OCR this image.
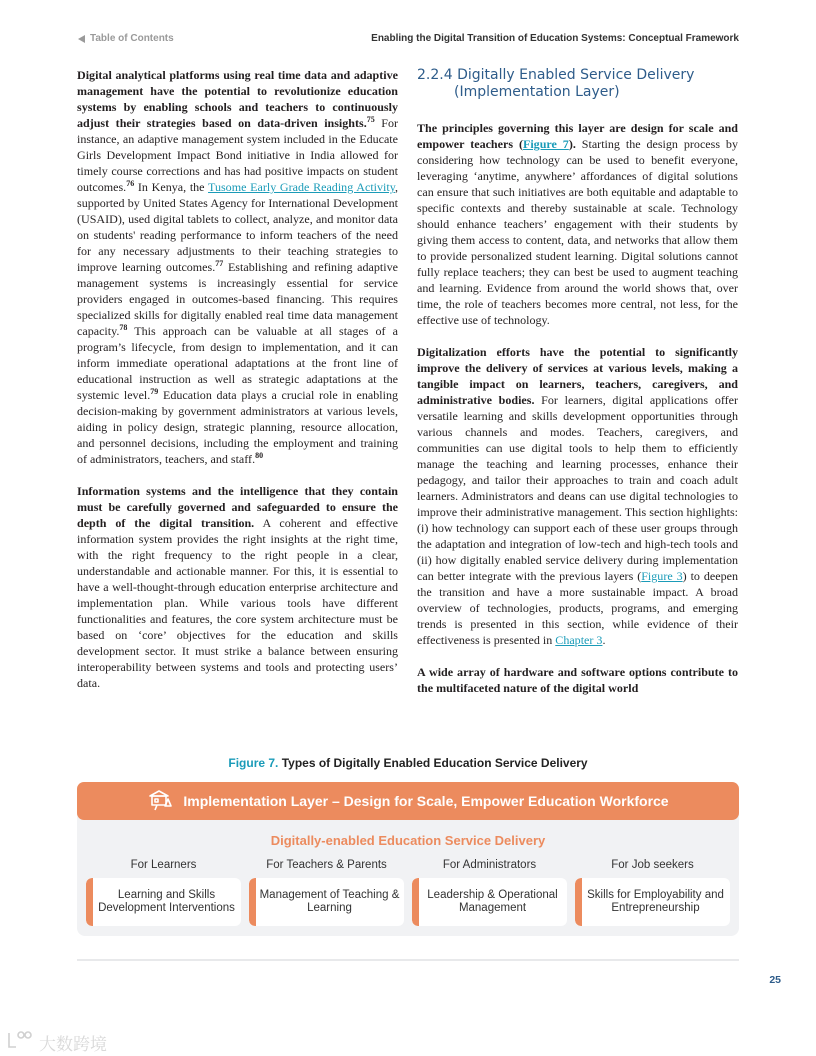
Table of Contents	Enabling the Digital Transition of Education Systems: Conceptual Framework

Digital analytical platforms using real time data and adaptive management have the potential to revolutionize education systems by enabling schools and teachers to continuously adjust their strategies based on data-driven insights.$^{75}$ For instance, an adaptive management system included in the Educate Girls Development Impact Bond initiative in India allowed for timely course corrections and has had positive impacts on student outcomes.$^{76}$ In Kenya, the Tusome Early Grade Reading Activity, supported by United States Agency for International Development (USAID), used digital tablets to collect, analyze, and monitor data on students' reading performance to inform teachers of the need for any necessary adjustments to their teaching strategies to improve learning outcomes.$^{77}$ Establishing and refining adaptive management systems is increasingly essential for service providers engaged in outcomes-based financing. This requires specialized skills for digitally enabled real time data management capacity.$^{78}$ This approach can be valuable at all stages of a program’s lifecycle, from design to implementation, and it can inform immediate operational adaptations at the front line of educational instruction as well as strategic adaptations at the systemic level.$^{79}$ Education data plays a crucial role in enabling decision-making by government administrators at various levels, aiding in policy design, strategic planning, resource allocation, and personnel decisions, including the employment and training of administrators, teachers, and staff.$^{80}$

Information systems and the intelligence that they contain must be carefully governed and safeguarded to ensure the depth of the digital transition. A coherent and effective information system provides the right insights at the right time, with the right frequency to the right people in a clear, understandable and actionable manner. For this, it is essential to have a well-thought-through education enterprise architecture and implementation plan. While various tools have different functionalities and features, the core system architecture must be based on ‘core’ objectives for the education and skills development sector. It must strike a balance between ensuring interoperability between systems and tools and protecting users’ data.

2.2.4 Digitally Enabled Service Delivery
(Implementation Layer)

The principles governing this layer are design for scale and empower teachers (Figure 7). Starting the design process by considering how technology can be used to benefit everyone, leveraging ‘anytime, anywhere’ affordances of digital solutions can ensure that such initiatives are both equitable and adaptable to specific contexts and thereby sustainable at scale. Technology should enhance teachers’ engagement with their students by giving them access to content, data, and networks that allow them to provide personalized student learning. Digital solutions cannot fully replace teachers; they can best be used to augment teaching and learning. Evidence from around the world shows that, over time, the role of teachers becomes more central, not less, for the effective use of technology.

Digitalization efforts have the potential to significantly improve the delivery of services at various levels, making a tangible impact on learners, teachers, caregivers, and administrative bodies. For learners, digital applications offer versatile learning and skills development opportunities through various channels and modes. Teachers, caregivers, and communities can use digital tools to help them to efficiently manage the teaching and learning processes, enhance their pedagogy, and tailor their approaches to train and coach adult learners. Administrators and deans can use digital technologies to improve their administrative management. This section highlights: (i) how technology can support each of these user groups through the adaptation and integration of low-tech and high-tech tools and (ii) how digitally enabled service delivery during implementation can better integrate with the previous layers (Figure 3) to deepen the transition and have a more sustainable impact. A broad overview of technologies, products, programs, and emerging trends is presented in this section, while evidence of their effectiveness is presented in Chapter 3.

A wide array of hardware and software options contribute to the multifaceted nature of the digital world

Figure 7. Types of Digitally Enabled Education Service Delivery
Implementation Layer – Design for Scale, Empower Education Workforce
Digitally-enabled Education Service Delivery
For Learners	For Teachers & Parents	For Administrators	For Job seekers
Learning and Skills Development Interventions
Management of Teaching & Learning
Leadership & Operational Management
Skills for Employability and Entrepreneurship
25
大数跨境
